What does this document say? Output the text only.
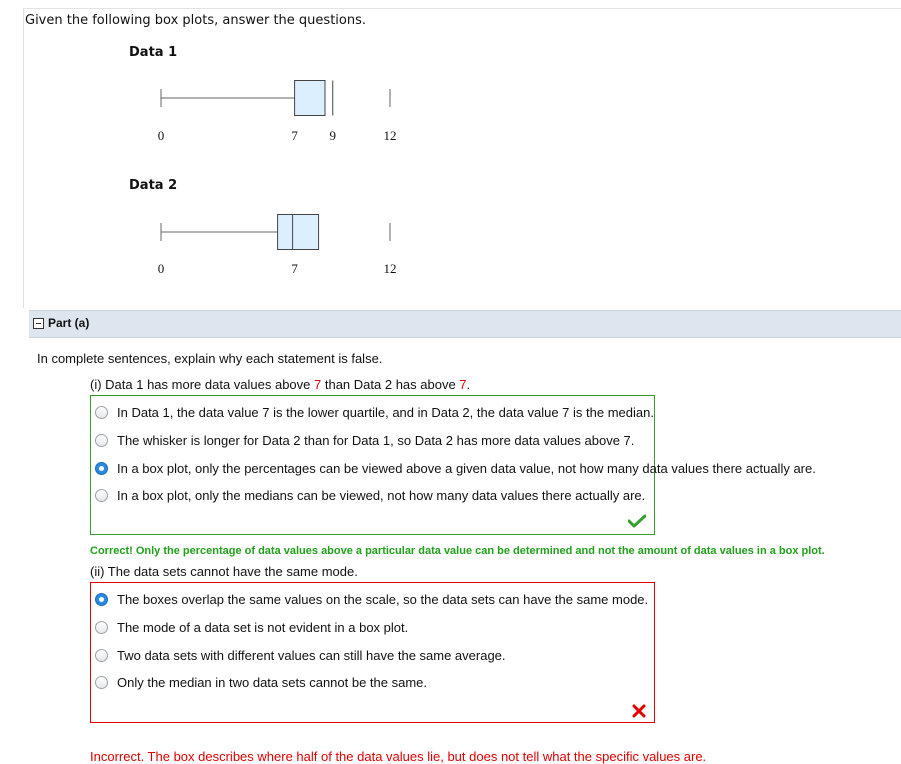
Given the following box plots, answer the questions.
Data 1
Data 2
0	7 9	12
0	7	12
Part (a)
In complete sentences, explain why each statement is false.
(i) Data 1 has more data values above 7 than Data 2 has above 7.
In Data 1, the data value 7 is the lower quartile, and in Data 2, the data value 7 is the median.
The whisker is longer for Data 2 than for Data 1, so Data 2 has more data values above 7.
In a box plot, only the percentages can be viewed above a given data value, not how many data values there actually are.
In a box plot, only the medians can be viewed, not how many data values there actually are.
Correct! Only the percentage of data values above a particular data value can be determined and not the amount of data values in a box plot.
(ii) The data sets cannot have the same mode.
The boxes overlap the same values on the scale, so the data sets can have the same mode.
The mode of a data set is not evident in a box plot.
Two data sets with different values can still have the same average.
Only the median in two data sets cannot be the same.
Incorrect. The box describes where half of the data values lie, but does not tell what the specific values are.
